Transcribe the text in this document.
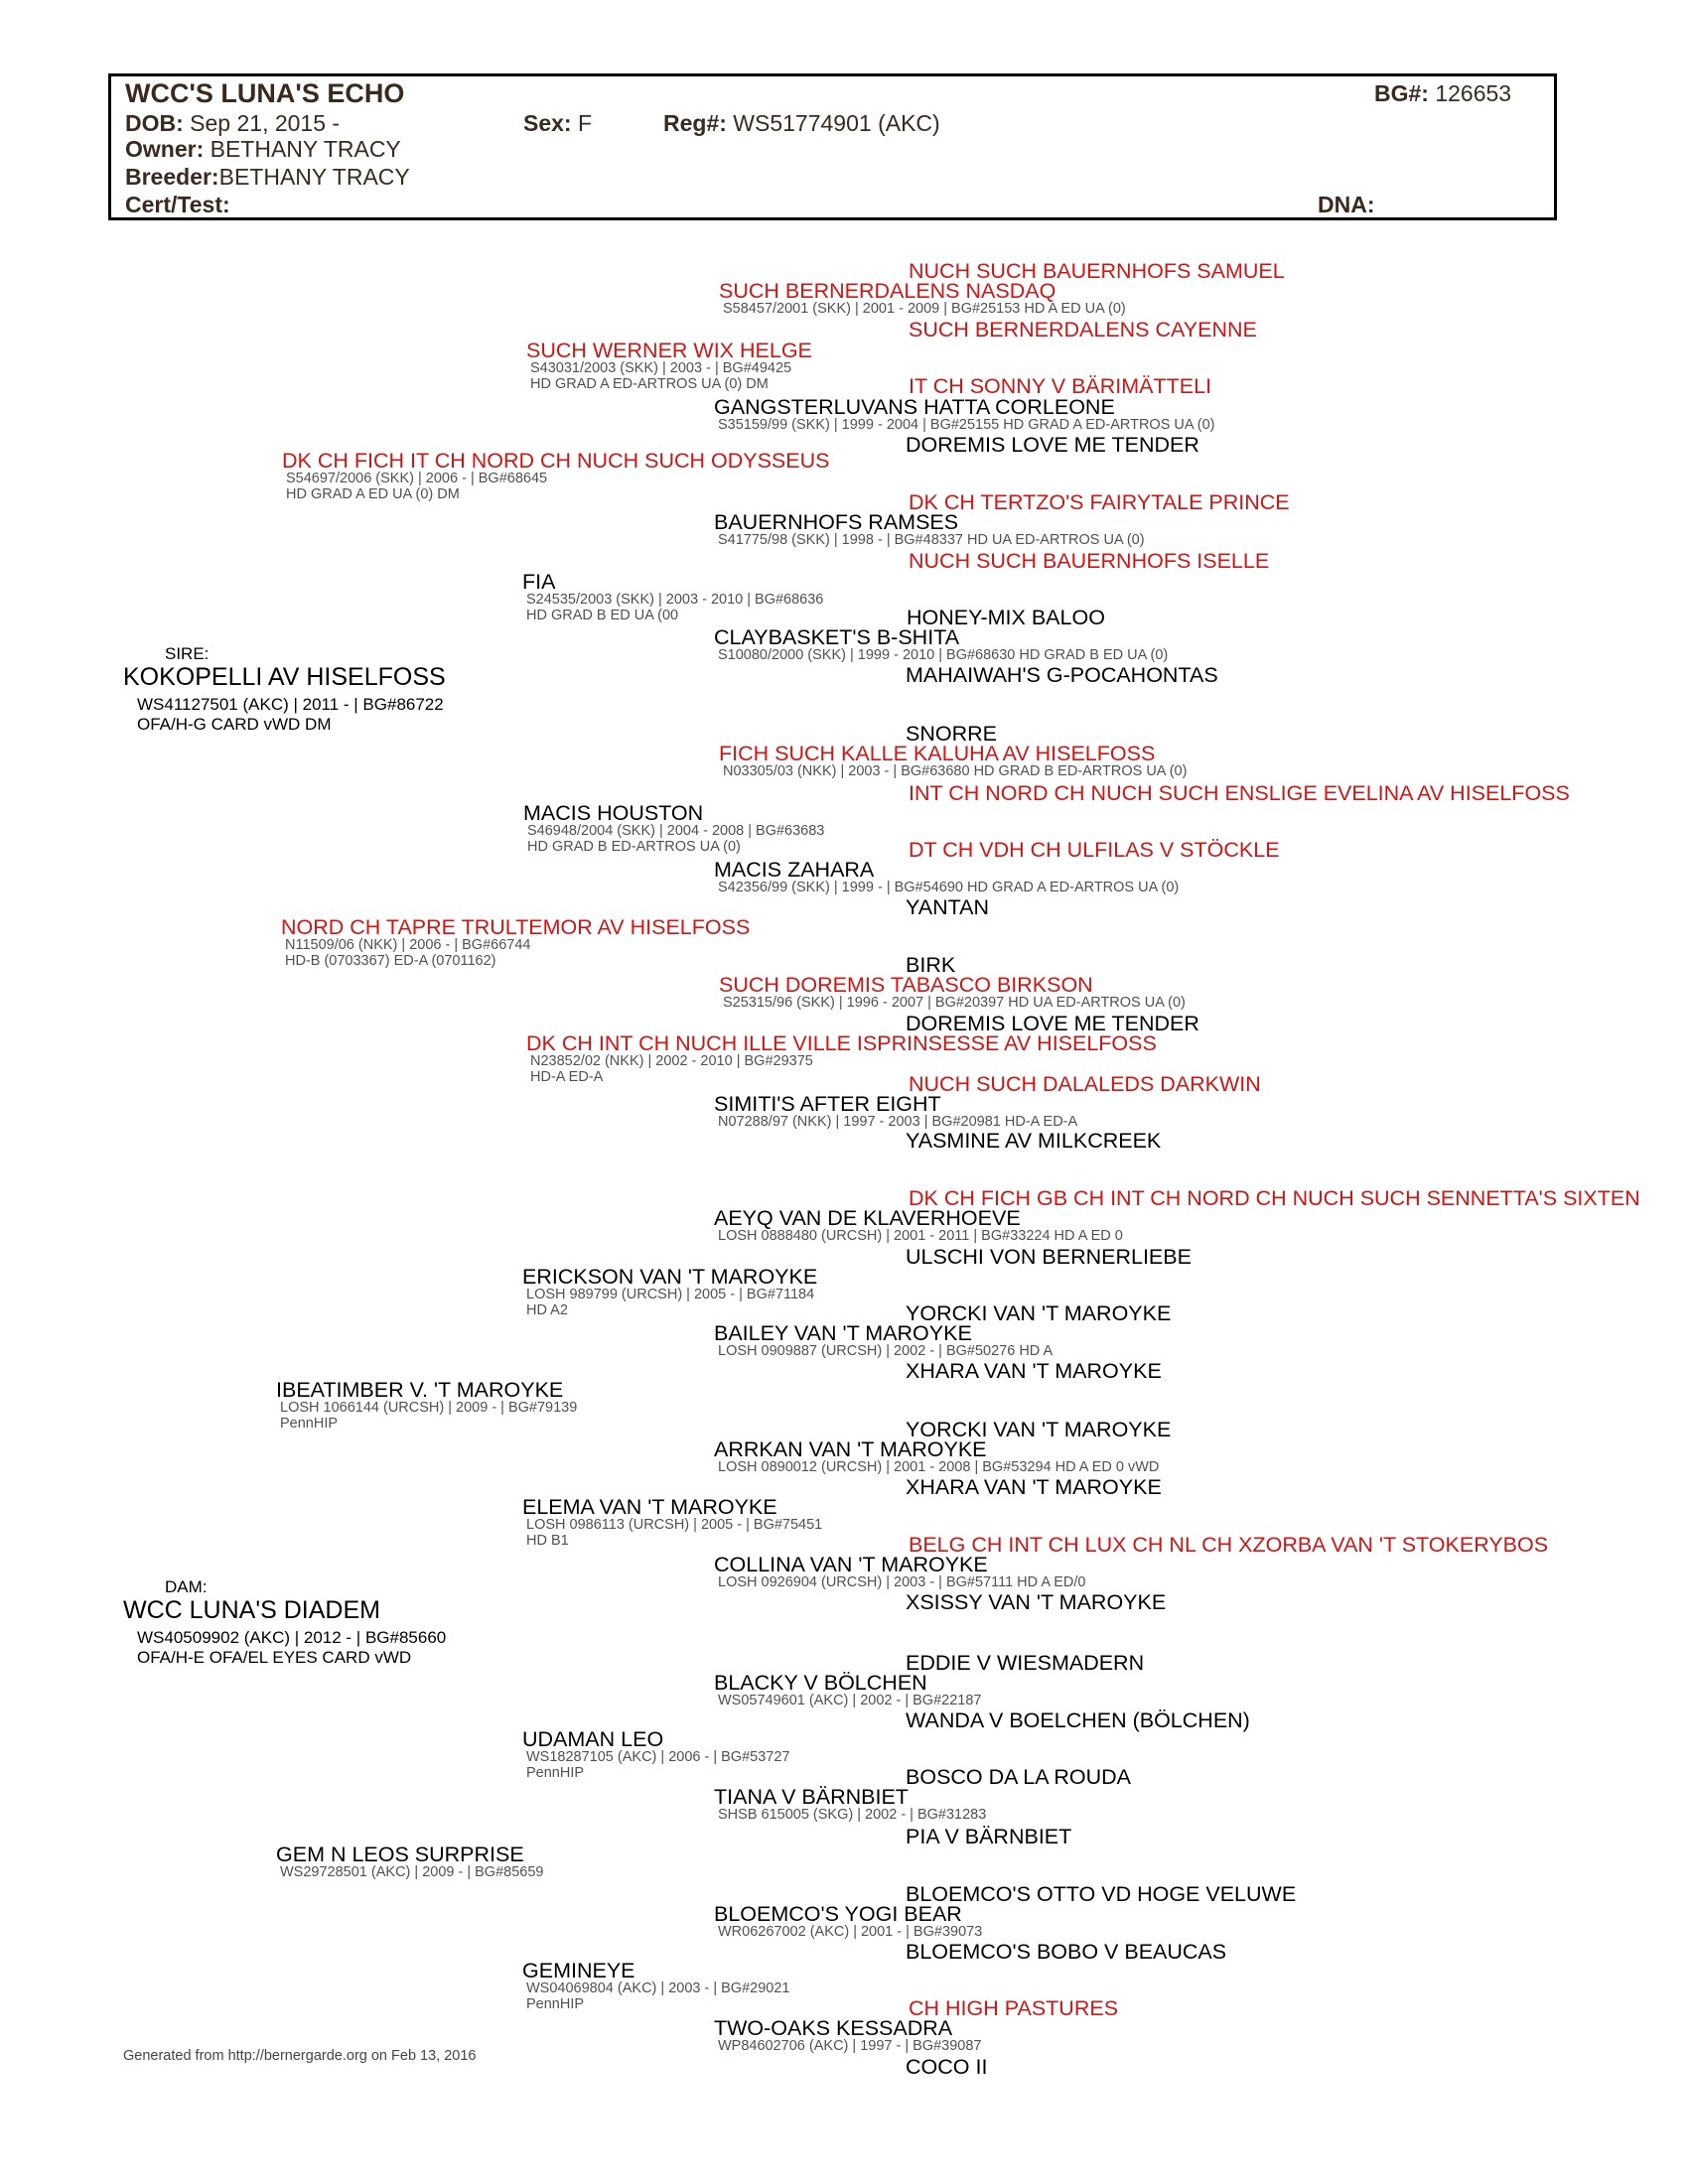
WCC'S LUNA'S ECHO
DOB: Sep 21, 2015 -	Sex: F	Reg#: WS51774901 (AKC)
BG#: 126653
Owner: BETHANY TRACY
Breeder:BETHANY TRACY
Cert/Test:	DNA:
NUCH SUCH BAUERNHOFS SAMUEL
SUCH BERNERDALENS NASDAQ
S58457/2001 (SKK) | 2001 - 2009 | BG#25153 HD A ED UA (0)
SUCH BERNERDALENS CAYENNE
SUCH WERNER WIX HELGE
S43031/2003 (SKK) | 2003 - | BG#49425
HD GRAD A ED-ARTROS UA (0) DM	IT CH SONNY V BÄRIMÄTTELI
GANGSTERLUVANS HATTA CORLEONE
S35159/99 (SKK) | 1999 - 2004 | BG#25155 HD GRAD A ED-ARTROS UA (0)
DOREMIS LOVE ME TENDER
DK CH FICH IT CH NORD CH NUCH SUCH ODYSSEUS
S54697/2006 (SKK) | 2006 - | BG#68645
HD GRAD A ED UA (0) DM	DK CH TERTZO'S FAIRYTALE PRINCE
BAUERNHOFS RAMSES
S41775/98 (SKK) | 1998 - | BG#48337 HD UA ED-ARTROS UA (0)
NUCH SUCH BAUERNHOFS ISELLE
FIA
S24535/2003 (SKK) | 2003 - 2010 | BG#68636
HD GRAD B ED UA (00	HONEY-MIX BALOO
CLAYBASKET'S B-SHITA
S10080/2000 (SKK) | 1999 - 2010 | BG#68630 HD GRAD B ED UA (0)
MAHAIWAH'S G-POCAHONTAS
SNORRE
FICH SUCH KALLE KALUHA AV HISELFOSS
N03305/03 (NKK) | 2003 - | BG#63680 HD GRAD B ED-ARTROS UA (0)
INT CH NORD CH NUCH SUCH ENSLIGE EVELINA AV HISELFOSS
MACIS HOUSTON
S46948/2004 (SKK) | 2004 - 2008 | BG#63683
HD GRAD B ED-ARTROS UA (0)	DT CH VDH CH ULFILAS V STÖCKLE
MACIS ZAHARA
S42356/99 (SKK) | 1999 - | BG#54690 HD GRAD A ED-ARTROS UA (0)
YANTAN
NORD CH TAPRE TRULTEMOR AV HISELFOSS
N11509/06 (NKK) | 2006 - | BG#66744
HD-B (0703367) ED-A (0701162)	BIRK
SUCH DOREMIS TABASCO BIRKSON
S25315/96 (SKK) | 1996 - 2007 | BG#20397 HD UA ED-ARTROS UA (0)
DOREMIS LOVE ME TENDER
DK CH INT CH NUCH ILLE VILLE ISPRINSESSE AV HISELFOSS
N23852/02 (NKK) | 2002 - 2010 | BG#29375
HD-A ED-A	NUCH SUCH DALALEDS DARKWIN
SIMITI'S AFTER EIGHT
N07288/97 (NKK) | 1997 - 2003 | BG#20981 HD-A ED-A
YASMINE AV MILKCREEK
SIRE:
KOKOPELLI AV HISELFOSS
WS41127501 (AKC) | 2011 - | BG#86722
OFA/H-G CARD vWD DM
DK CH FICH GB CH INT CH NORD CH NUCH SUCH SENNETTA'S SIXTEN
AEYQ VAN DE KLAVERHOEVE
LOSH 0888480 (URCSH) | 2001 - 2011 | BG#33224 HD A ED 0
ULSCHI VON BERNERLIEBE
ERICKSON VAN 'T MAROYKE
LOSH 989799 (URCSH) | 2005 - | BG#71184
HD A2	YORCKI VAN 'T MAROYKE
BAILEY VAN 'T MAROYKE
LOSH 0909887 (URCSH) | 2002 - | BG#50276 HD A
XHARA VAN 'T MAROYKE
IBEATIMBER V. 'T MAROYKE
LOSH 1066144 (URCSH) | 2009 - | BG#79139
PennHIP	YORCKI VAN 'T MAROYKE
ARRKAN VAN 'T MAROYKE
LOSH 0890012 (URCSH) | 2001 - 2008 | BG#53294 HD A ED 0 vWD
XHARA VAN 'T MAROYKE
ELEMA VAN 'T MAROYKE
LOSH 0986113 (URCSH) | 2005 - | BG#75451
HD B1	BELG CH INT CH LUX CH NL CH XZORBA VAN 'T STOKERYBOS
COLLINA VAN 'T MAROYKE
LOSH 0926904 (URCSH) | 2003 - | BG#57111 HD A ED/0
XSISSY VAN 'T MAROYKE
DAM:
WCC LUNA'S DIADEM
WS40509902 (AKC) | 2012 - | BG#85660
OFA/H-E OFA/EL EYES CARD vWD	EDDIE V WIESMADERN
BLACKY V BÖLCHEN
WS05749601 (AKC) | 2002 - | BG#22187
WANDA V BOELCHEN (BÖLCHEN)
UDAMAN LEO
WS18287105 (AKC) | 2006 - | BG#53727
PennHIP	BOSCO DA LA ROUDA
TIANA V BÄRNBIET
SHSB 615005 (SKG) | 2002 - | BG#31283
PIA V BÄRNBIET
GEM N LEOS SURPRISE
WS29728501 (AKC) | 2009 - | BG#85659
BLOEMCO'S OTTO VD HOGE VELUWE
BLOEMCO'S YOGI BEAR
WR06267002 (AKC) | 2001 - | BG#39073
BLOEMCO'S BOBO V BEAUCAS
GEMINEYE
WS04069804 (AKC) | 2003 - | BG#29021
PennHIP	CH HIGH PASTURES
TWO-OAKS KESSADRA
WP84602706 (AKC) | 1997 - | BG#39087
COCO II
Generated from http://bernergarde.org on Feb 13, 2016
